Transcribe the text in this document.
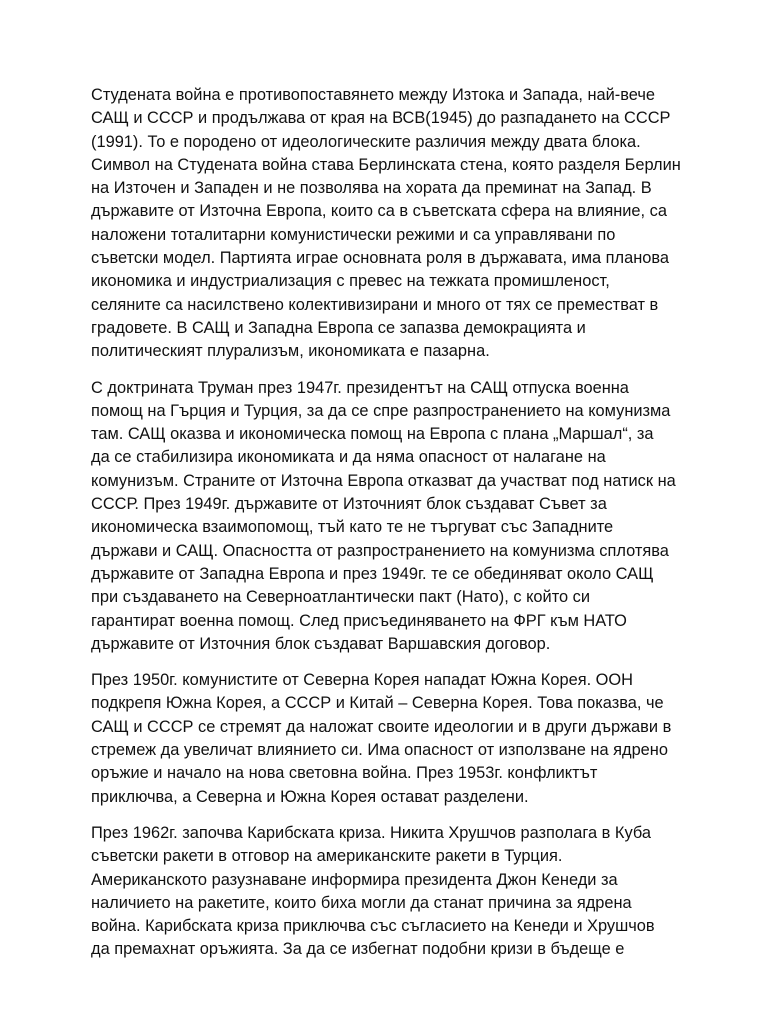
Студената война е противопоставянето между Изтока и Запада, най-вече
САЩ и СССР и продължава от края на ВСВ(1945) до разпадането на СССР
(1991). То е породено от идеологическите различия между двата блока.
Символ на Студената война става Берлинската стена, която разделя Берлин
на Източен и Западен и не позволява на хората да преминат на Запад. В
държавите от Източна Европа, които са в съветската сфера на влияние, са
наложени тоталитарни комунистически режими и са управлявани по
съветски модел. Партията играе основната роля в държавата, има планова
икономика и индустриализация с превес на тежката промишленост,
селяните са насилствено колективизирани и много от тях се преместват в
градовете. В САЩ и Западна Европа се запазва демокрацията и
политическият плурализъм, икономиката е пазарна.

С доктрината Труман през 1947г. президентът на САЩ отпуска военна
помощ на Гърция и Турция, за да се спре разпространението на комунизма
там. САЩ оказва и икономическа помощ на Европа с плана „Маршал“, за
да се стабилизира икономиката и да няма опасност от налагане на
комунизъм. Страните от Източна Европа отказват да участват под натиск на
СССР. През 1949г. държавите от Източният блок създават Съвет за
икономическа взаимопомощ, тъй като те не търгуват със Западните
държави и САЩ. Опасността от разпространението на комунизма сплотява
държавите от Западна Европа и през 1949г. те се обединяват около САЩ
при създаването на Северноатлантически пакт (Нато), с който си
гарантират военна помощ. След присъединяването на ФРГ към НАТО
държавите от Източния блок създават Варшавския договор.

През 1950г. комунистите от Северна Корея нападат Южна Корея. ООН
подкрепя Южна Корея, а СССР и Китай – Северна Корея. Това показва, че
САЩ и СССР се стремят да наложат своите идеологии и в други държави в
стремеж да увеличат влиянието си. Има опасност от използване на ядрено
оръжие и начало на нова световна война. През 1953г. конфликтът
приключва, а Северна и Южна Корея остават разделени.

През 1962г. започва Карибската криза. Никита Хрушчов разполага в Куба
съветски ракети в отговор на американските ракети в Турция.
Американското разузнаване информира президента Джон Кенеди за
наличието на ракетите, които биха могли да станат причина за ядрена
война. Карибската криза приключва със съгласието на Кенеди и Хрушчов
да премахнат оръжията. За да се избегнат подобни кризи в бъдеще е
